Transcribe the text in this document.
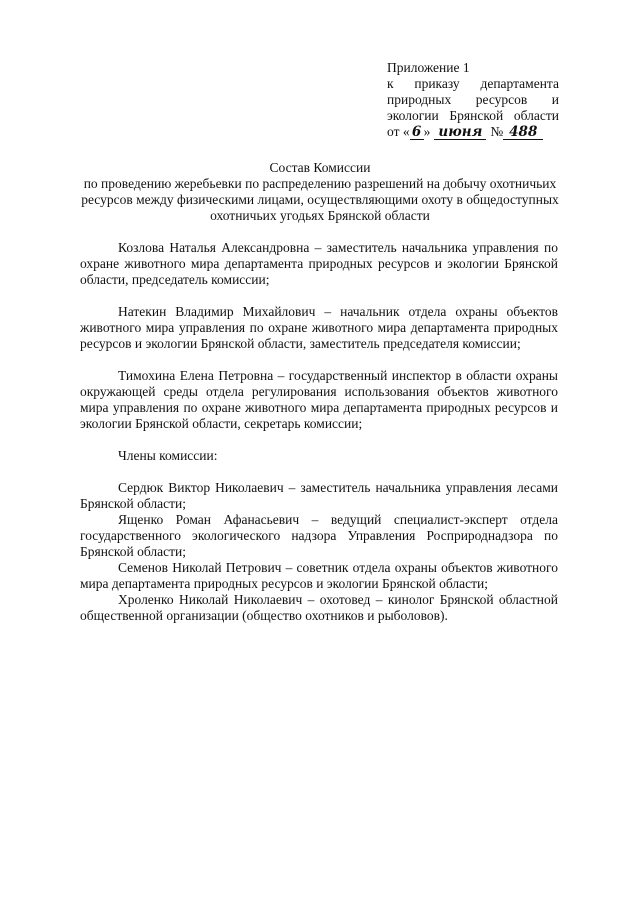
Приложение 1
к приказу департамента
природных ресурсов и
экологии Брянской области
от « 6 » июня № 488
Состав Комиссии
по проведению жеребьевки по распределению разрешений на добычу охотничьих ресурсов между физическими лицами, осуществляющими охоту в общедоступных охотничьих угодьях Брянской области

Козлова Наталья Александровна – заместитель начальника управления по охране животного мира департамента природных ресурсов и экологии Брянской области, председатель комиссии;

Натекин Владимир Михайлович – начальник отдела охраны объектов животного мира управления по охране животного мира департамента природных ресурсов и экологии Брянской области, заместитель председателя комиссии;

Тимохина Елена Петровна – государственный инспектор в области охраны окружающей среды отдела регулирования использования объектов животного мира управления по охране животного мира департамента природных ресурсов и экологии Брянской области, секретарь комиссии;

Члены комиссии:

Сердюк Виктор Николаевич – заместитель начальника управления лесами Брянской области;

Ященко Роман Афанасьевич – ведущий специалист-эксперт отдела государственного экологического надзора Управления Росприроднадзора по Брянской области;

Семенов Николай Петрович – советник отдела охраны объектов животного мира департамента природных ресурсов и экологии Брянской области;

Хроленко Николай Николаевич – охотовед – кинолог Брянской областной общественной организации (общество охотников и рыболовов).
